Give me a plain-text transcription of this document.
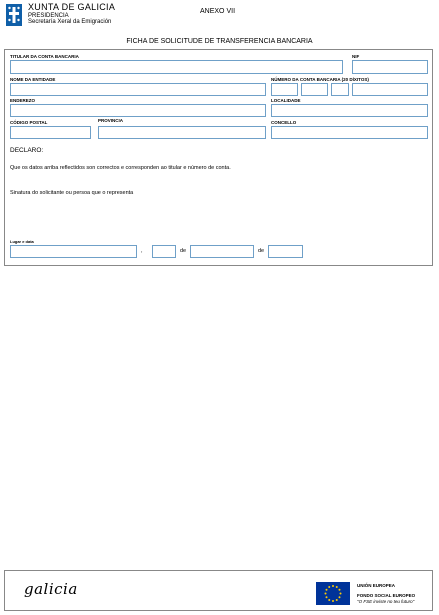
XUNTA DE GALICIA
PRESIDENCIA
Secretaría Xeral da Emigración
ANEXO VII
FICHA DE SOLICITUDE DE TRANSFERENCIA BANCARIA
TITULAR DA CONTA BANCARIA	NIF
NOME DA ENTIDADE	NÚMERO DA CONTA BANCARIA (20 DÍXITOS)
ENDEREZO	LOCALIDADE
CÓDIGO POSTAL	PROVINCIA	CONCELLO
DECLARO:
Que os datos arriba reflectidos son correctos e corresponden ao titular e número de conta.
Sinatura do solicitante ou persoa que o representa
Lugar e data
,	de	de
galicia	UNIÓN EUROPEA
FONDO SOCIAL EUROPEO
"O FSE inviste no teu futuro"
